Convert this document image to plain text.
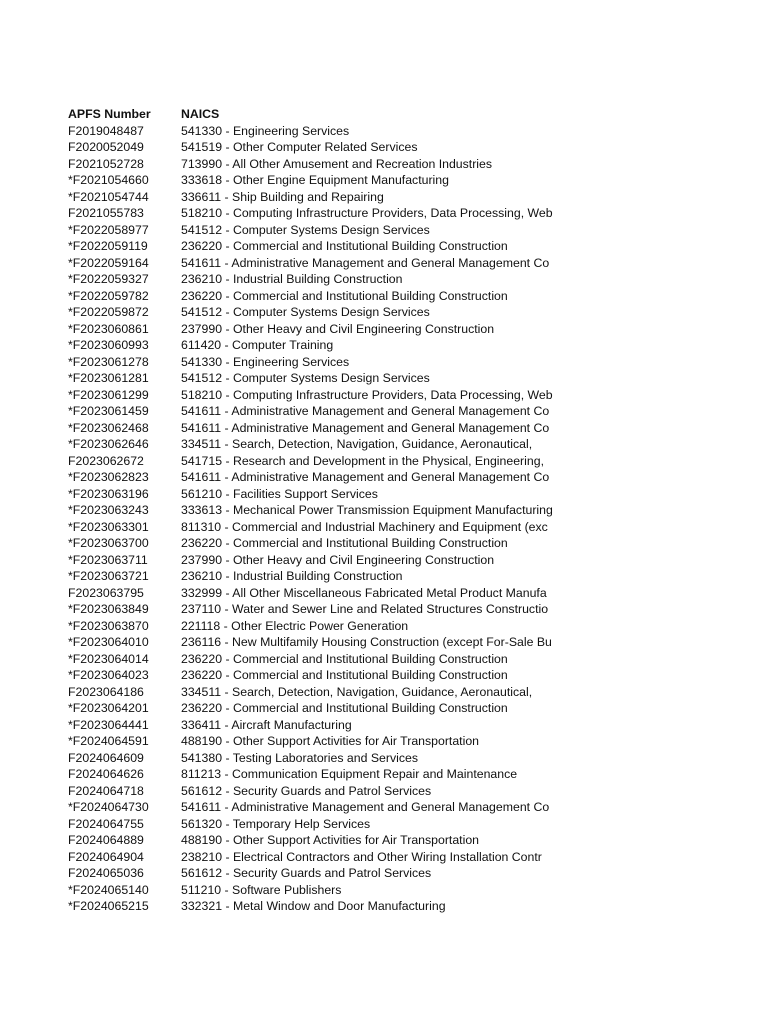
APFS Number	NAICS
F2019048487	541330 - Engineering Services
F2020052049	541519 - Other Computer Related Services
F2021052728	713990 - All Other Amusement and Recreation Industries
*F2021054660	333618 - Other Engine Equipment Manufacturing
*F2021054744	336611 - Ship Building and Repairing
F2021055783	518210 - Computing Infrastructure Providers, Data Processing, Web
*F2022058977	541512 - Computer Systems Design Services
*F2022059119	236220 - Commercial and Institutional Building Construction
*F2022059164	541611 - Administrative Management and General Management Co
*F2022059327	236210 - Industrial Building Construction
*F2022059782	236220 - Commercial and Institutional Building Construction
*F2022059872	541512 - Computer Systems Design Services
*F2023060861	237990 - Other Heavy and Civil Engineering Construction
*F2023060993	611420 - Computer Training
*F2023061278	541330 - Engineering Services
*F2023061281	541512 - Computer Systems Design Services
*F2023061299	518210 - Computing Infrastructure Providers, Data Processing, Web
*F2023061459	541611 - Administrative Management and General Management Co
*F2023062468	541611 - Administrative Management and General Management Co
*F2023062646	334511 - Search, Detection, Navigation, Guidance, Aeronautical,
F2023062672	541715 - Research and Development in the Physical, Engineering,
*F2023062823	541611 - Administrative Management and General Management Co
*F2023063196	561210 - Facilities Support Services
*F2023063243	333613 - Mechanical Power Transmission Equipment Manufacturing
*F2023063301	811310 - Commercial and Industrial Machinery and Equipment (exc
*F2023063700	236220 - Commercial and Institutional Building Construction
*F2023063711	237990 - Other Heavy and Civil Engineering Construction
*F2023063721	236210 - Industrial Building Construction
F2023063795	332999 - All Other Miscellaneous Fabricated Metal Product Manufa
*F2023063849	237110 - Water and Sewer Line and Related Structures Constructio
*F2023063870	221118 - Other Electric Power Generation
*F2023064010	236116 - New Multifamily Housing Construction (except For-Sale Bu
*F2023064014	236220 - Commercial and Institutional Building Construction
*F2023064023	236220 - Commercial and Institutional Building Construction
F2023064186	334511 - Search, Detection, Navigation, Guidance, Aeronautical,
*F2023064201	236220 - Commercial and Institutional Building Construction
*F2023064441	336411 - Aircraft Manufacturing
*F2024064591	488190 - Other Support Activities for Air Transportation
F2024064609	541380 - Testing Laboratories and Services
F2024064626	811213 - Communication Equipment Repair and Maintenance
F2024064718	561612 - Security Guards and Patrol Services
*F2024064730	541611 - Administrative Management and General Management Co
F2024064755	561320 - Temporary Help Services
F2024064889	488190 - Other Support Activities for Air Transportation
F2024064904	238210 - Electrical Contractors and Other Wiring Installation Contr
F2024065036	561612 - Security Guards and Patrol Services
*F2024065140	511210 - Software Publishers
*F2024065215	332321 - Metal Window and Door Manufacturing
